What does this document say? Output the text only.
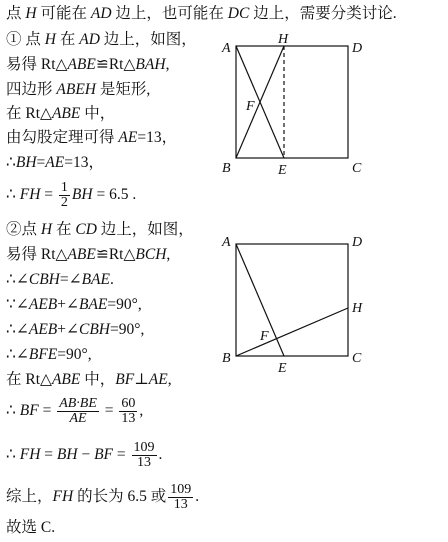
点 H 可能在 AD 边上，也可能在 DC 边上，需要分类讨论.
① 点 H 在 AD 边上，如图，
易得 Rt△ABE≌Rt△BAH,
四边形 ABEH 是矩形,
在 Rt△ABE 中，
由勾股定理可得 AE=13，
∴BH=AE=13，
∴ FH = $\frac{1}{2}$ BH = 6.5 .
②点 H 在 CD 边上，如图，
易得 Rt△ABE≌Rt△BCH,
∴∠CBH=∠BAE.
∵∠AEB+∠BAE=90°,
∴∠AEB+∠CBH=90°,
∴∠BFE=90°,
在 Rt△ABE 中，BF⊥AE,
∴ BF = $\frac{AB\cdot BE}{AE} = \frac{60}{13}$ ,
∴ FH = BH − BF = $\frac{109}{13}$ .
综上，FH 的长为 6.5 或 $\frac{109}{13}$ .
故选 C.
A
H
D
F
B	E	C
A	D
H
F
B
E
C
